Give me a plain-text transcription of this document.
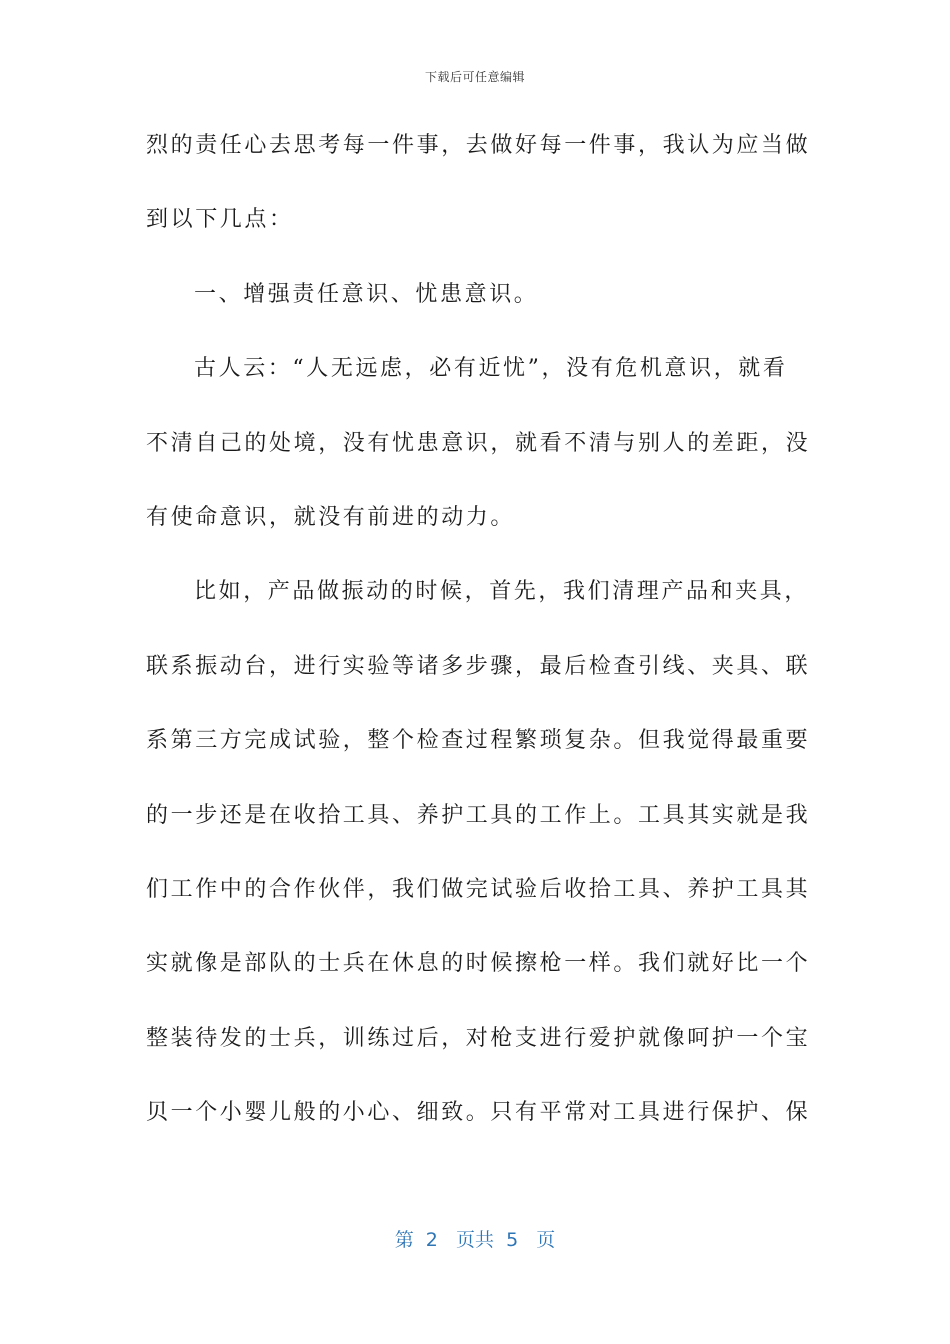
下载后可任意编辑
烈的责任心去思考每一件事，去做好每一件事，我认为应当做
到以下几点：
一、增强责任意识、忧患意识。
古人云：“人无远虑，必有近忧”，没有危机意识，就看
不清自己的处境，没有忧患意识，就看不清与别人的差距，没
有使命意识，就没有前进的动力。
比如，产品做振动的时候，首先，我们清理产品和夹具，
联系振动台，进行实验等诸多步骤，最后检查引线、夹具、联
系第三方完成试验，整个检查过程繁琐复杂。但我觉得最重要
的一步还是在收拾工具、养护工具的工作上。工具其实就是我
们工作中的合作伙伴，我们做完试验后收拾工具、养护工具其
实就像是部队的士兵在休息的时候擦枪一样。我们就好比一个
整装待发的士兵，训练过后，对枪支进行爱护就像呵护一个宝
贝一个小婴儿般的小心、细致。只有平常对工具进行保护、保
第  2   页共  5   页
